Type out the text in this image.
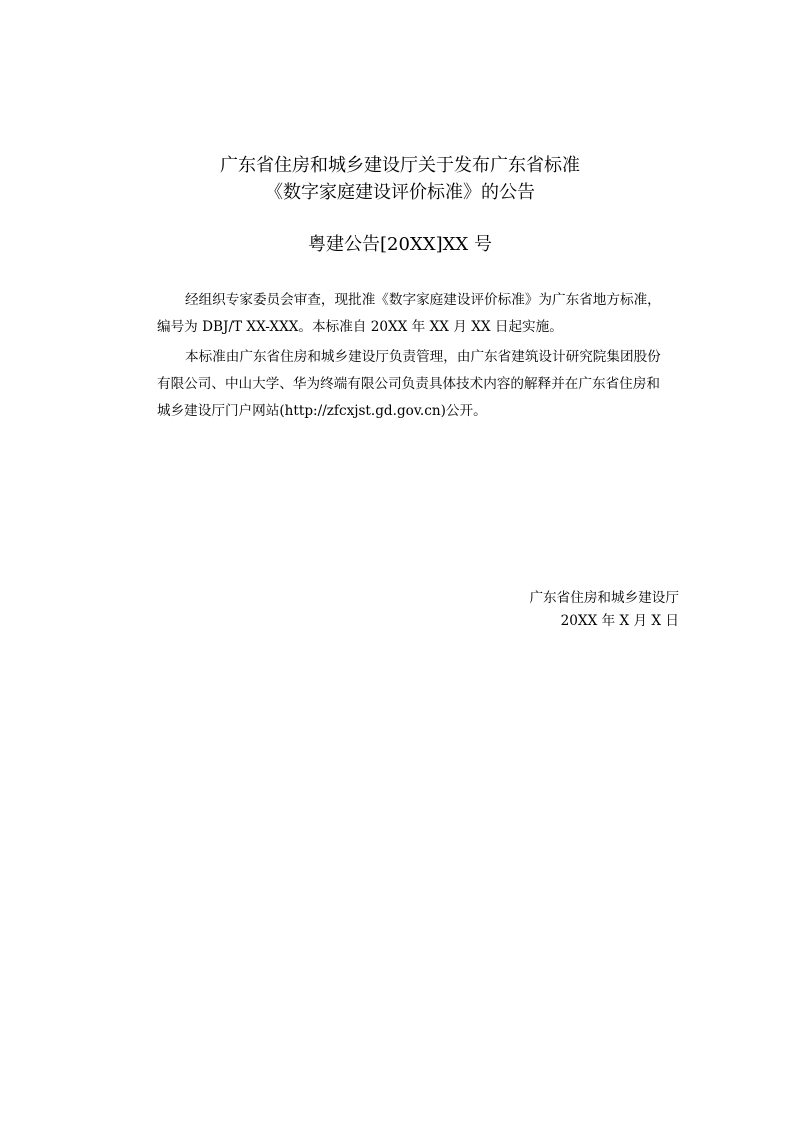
广东省住房和城乡建设厅关于发布广东省标准
《数字家庭建设评价标准》的公告
粤建公告[20XX]XX 号
经组织专家委员会审查，现批准《数字家庭建设评价标准》为广东省地方标准，
编号为 DBJ/T XX-XXX。本标准自 20XX 年 XX 月 XX 日起实施。
本标准由广东省住房和城乡建设厅负责管理，由广东省建筑设计研究院集团股份
有限公司、中山大学、华为终端有限公司负责具体技术内容的解释并在广东省住房和
城乡建设厅门户网站(http://zfcxjst.gd.gov.cn)公开。
广东省住房和城乡建设厅
20XX 年 X 月 X 日
